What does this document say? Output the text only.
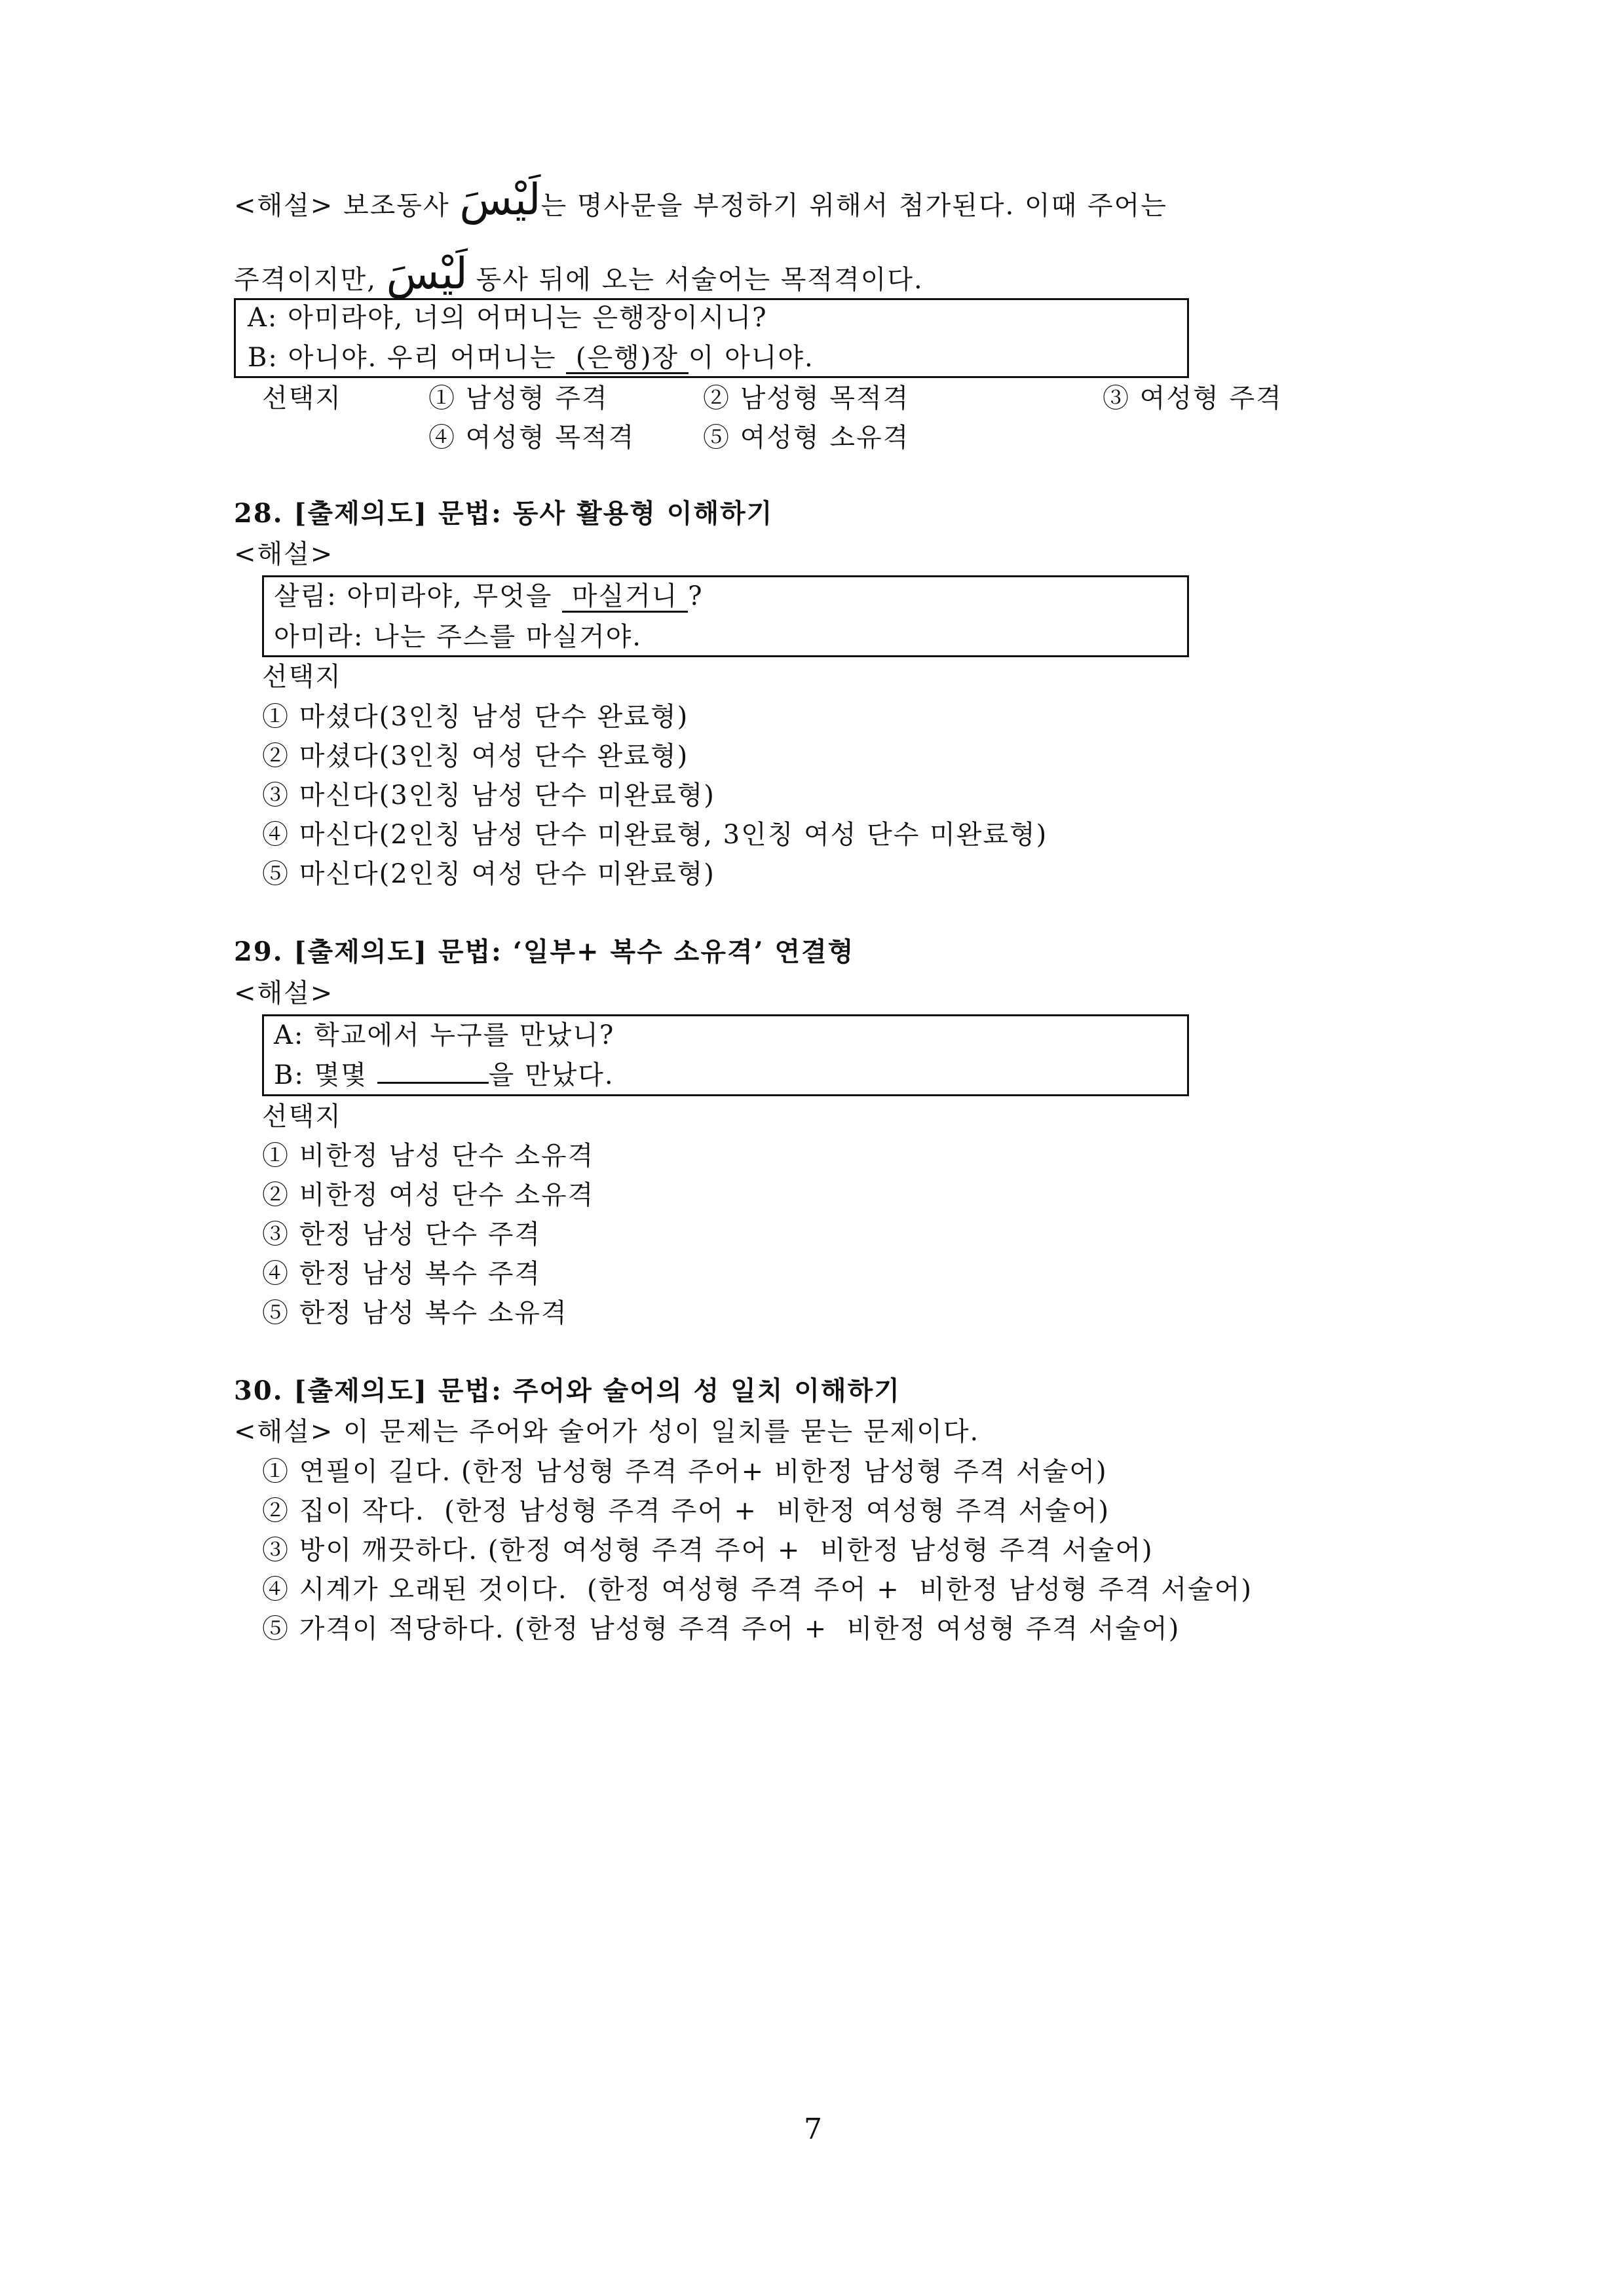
<해설> 보조동사 لَيْسَ는 명사문을 부정하기 위해서 첨가된다. 이때 주어는
주격이지만, لَيْسَ 동사 뒤에 오는 서술어는 목적격이다.
A: 아미라야, 너의 어머니는 은행장이시니?
B: 아니야. 우리 어머니는  (은행)장 이 아니야.
선택지	① 남성형 주격	② 남성형 목적격	③ 여성형 주격
④ 여성형 목적격	⑤ 여성형 소유격
28. [출제의도] 문법: 동사 활용형 이해하기
<해설>
살림: 아미라야, 무엇을  마실거니 ?
아미라: 나는 주스를 마실거야.
선택지
① 마셨다(3인칭 남성 단수 완료형)
② 마셨다(3인칭 여성 단수 완료형)
③ 마신다(3인칭 남성 단수 미완료형)
④ 마신다(2인칭 남성 단수 미완료형, 3인칭 여성 단수 미완료형)
⑤ 마신다(2인칭 여성 단수 미완료형)
29. [출제의도] 문법: ‘일부+ 복수 소유격’ 연결형
<해설>
A: 학교에서 누구를 만났니?
B: 몇몇	을 만났다.
선택지
① 비한정 남성 단수 소유격
② 비한정 여성 단수 소유격
③ 한정 남성 단수 주격
④ 한정 남성 복수 주격
⑤ 한정 남성 복수 소유격
30. [출제의도] 문법: 주어와 술어의 성 일치 이해하기
<해설> 이 문제는 주어와 술어가 성이 일치를 묻는 문제이다.
① 연필이 길다. (한정 남성형 주격 주어+ 비한정 남성형 주격 서술어)
② 집이 작다.  (한정 남성형 주격 주어 +  비한정 여성형 주격 서술어)
③ 방이 깨끗하다. (한정 여성형 주격 주어 +  비한정 남성형 주격 서술어)
④ 시계가 오래된 것이다.  (한정 여성형 주격 주어 +  비한정 남성형 주격 서술어)
⑤ 가격이 적당하다. (한정 남성형 주격 주어 +  비한정 여성형 주격 서술어)
7
